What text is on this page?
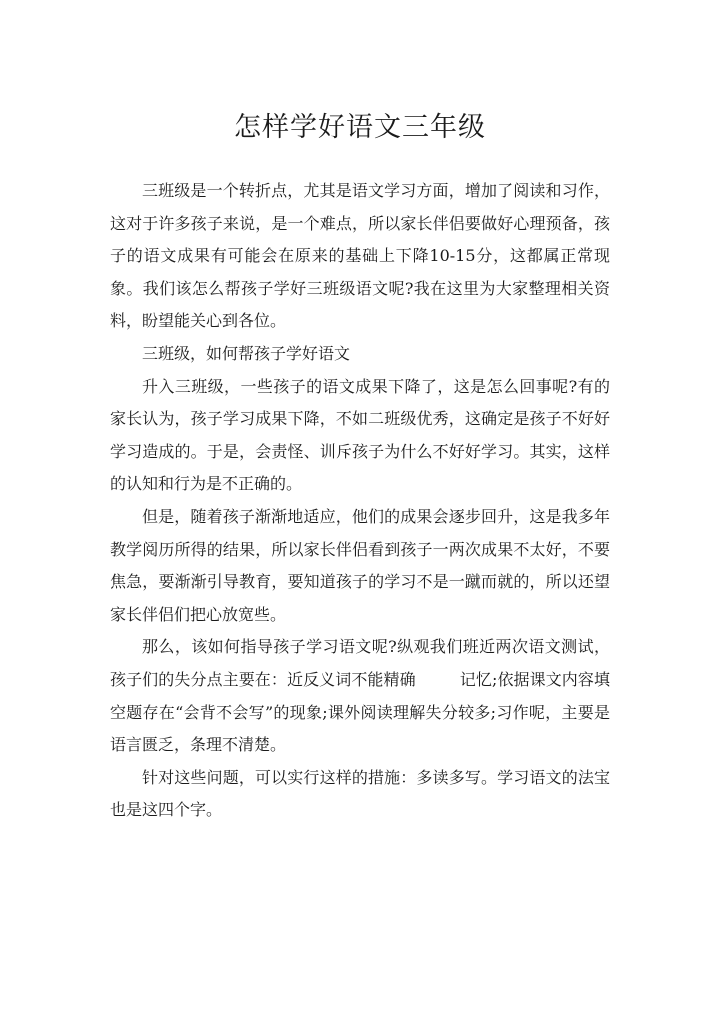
怎样学好语文三年级

三班级是一个转折点，尤其是语文学习方面，增加了阅读和习作，这对于许多孩子来说，是一个难点，所以家长伴侣要做好心理预备，孩子的语文成果有可能会在原来的基础上下降10-15分，这都属正常现象。我们该怎么帮孩子学好三班级语文呢?我在这里为大家整理相关资料，盼望能关心到各位。

三班级，如何帮孩子学好语文

升入三班级，一些孩子的语文成果下降了，这是怎么回事呢?有的家长认为，孩子学习成果下降，不如二班级优秀，这确定是孩子不好好学习造成的。于是，会责怪、训斥孩子为什么不好好学习。其实，这样的认知和行为是不正确的。

但是，随着孩子渐渐地适应，他们的成果会逐步回升，这是我多年教学阅历所得的结果，所以家长伴侣看到孩子一两次成果不太好，不要焦急，要渐渐引导教育，要知道孩子的学习不是一蹴而就的，所以还望家长伴侣们把心放宽些。

那么，该如何指导孩子学习语文呢?纵观我们班近两次语文测试，孩子们的失分点主要在：近反义词不能精确	记忆;依据课文内容填空题存在“会背不会写”的现象;课外阅读理解失分较多;习作呢，主要是语言匮乏，条理不清楚。

针对这些问题，可以实行这样的措施：多读多写。学习语文的法宝也是这四个字。
